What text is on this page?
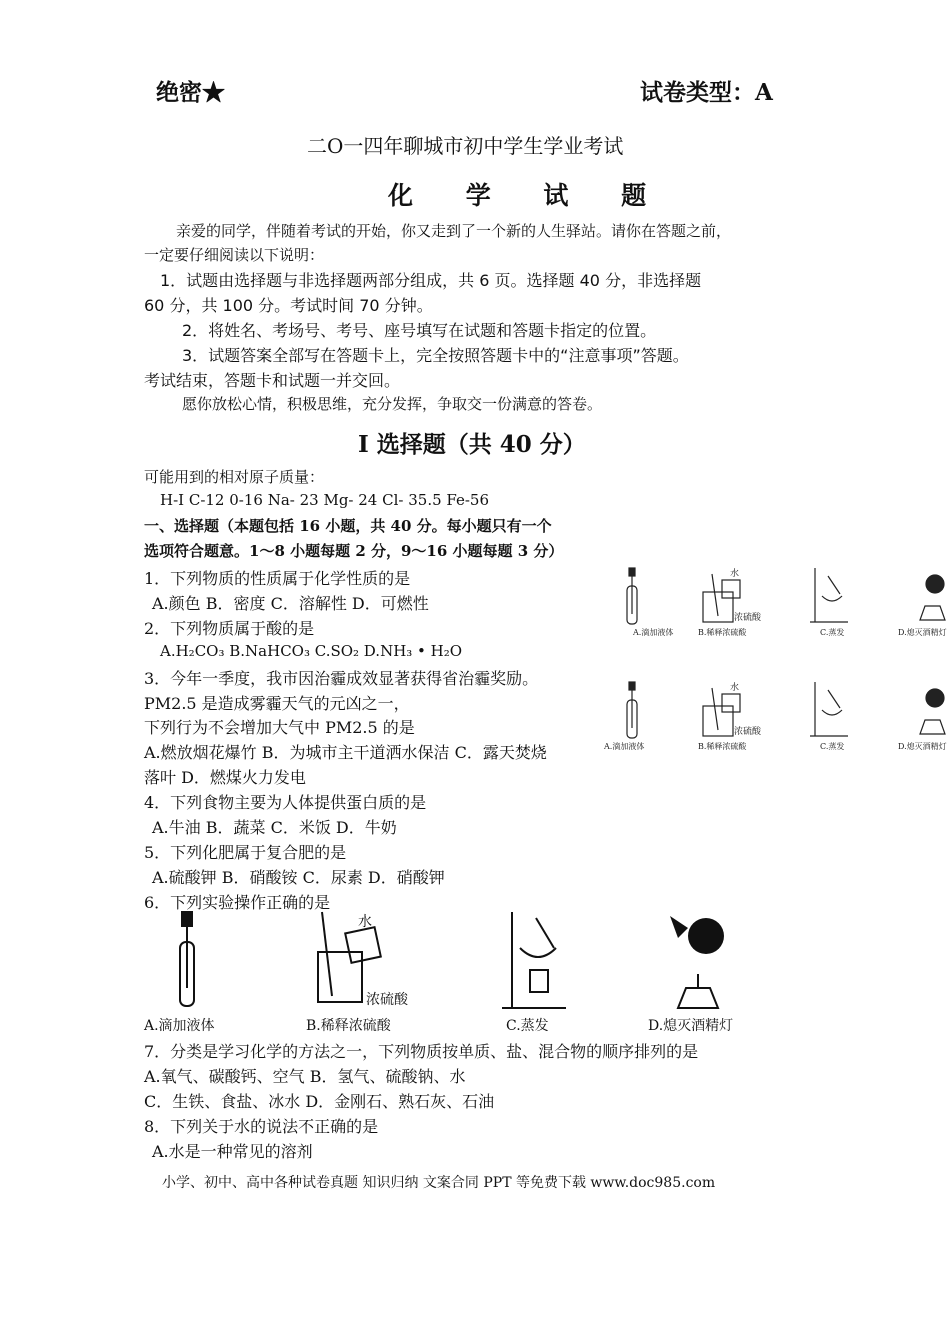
绝密★	试卷类型：A
二O一四年聊城市初中学生学业考试
化 学 试 题
亲爱的同学，伴随着考试的开始，你又走到了一个新的人生驿站。请你在答题之前，
一定要仔细阅读以下说明：
1．试题由选择题与非选择题两部分组成，共 6 页。选择题 40 分，非选择题
60 分，共 100 分。考试时间 70 分钟。
2．将姓名、考场号、考号、座号填写在试题和答题卡指定的位置。
3．试题答案全部写在答题卡上，完全按照答题卡中的“注意事项”答题。
考试结束，答题卡和试题一并交回。
愿你放松心情，积极思维，充分发挥，争取交一份满意的答卷。
I 选择题（共 40 分）
可能用到的相对原子质量：
H-I C-12 0-16 Na- 23 Mg- 24 Cl- 35.5 Fe-56
一、选择题（本题包括 16 小题，共 40 分。每小题只有一个
选项符合题意。1～8 小题每题 2 分，9～16 小题每题 3 分）
1．下列物质的性质属于化学性质的是
A.颜色 B．密度 C．溶解性 D．可燃性
2．下列物质属于酸的是
A.H₂CO₃ B.NaHCO₃ C.SO₂ D.NH₃ • H₂O
3．今年一季度，我市因治霾成效显著获得省治霾奖励。
PM2.5 是造成雾霾天气的元凶之一，
下列行为不会增加大气中 PM2.5 的是
A.燃放烟花爆竹 B．为城市主干道洒水保洁 C．露天焚烧
落叶 D．燃煤火力发电
4．下列食物主要为人体提供蛋白质的是
A.牛油 B．蔬菜 C．米饭 D．牛奶
5．下列化肥属于复合肥的是
A.硫酸钾 B．硝酸铵 C．尿素 D．硝酸钾
6．下列实验操作正确的是
水
浓硫酸
A.滴加液体	B.稀释浓硫酸	C.蒸发	D.熄灭酒精灯
水
浓硫酸
A.滴加液体	B.稀释浓硫酸	C.蒸发	D.熄灭酒精灯
水
浓硫酸
A.滴加液体	B.稀释浓硫酸	C.蒸发	D.熄灭酒精灯
7．分类是学习化学的方法之一，下列物质按单质、盐、混合物的顺序排列的是
A.氧气、碳酸钙、空气 B．氢气、硫酸钠、水
C．生铁、食盐、冰水 D．金刚石、熟石灰、石油
8．下列关于水的说法不正确的是
A.水是一种常见的溶剂
小学、初中、高中各种试卷真题 知识归纳 文案合同 PPT 等免费下载 www.doc985.com
